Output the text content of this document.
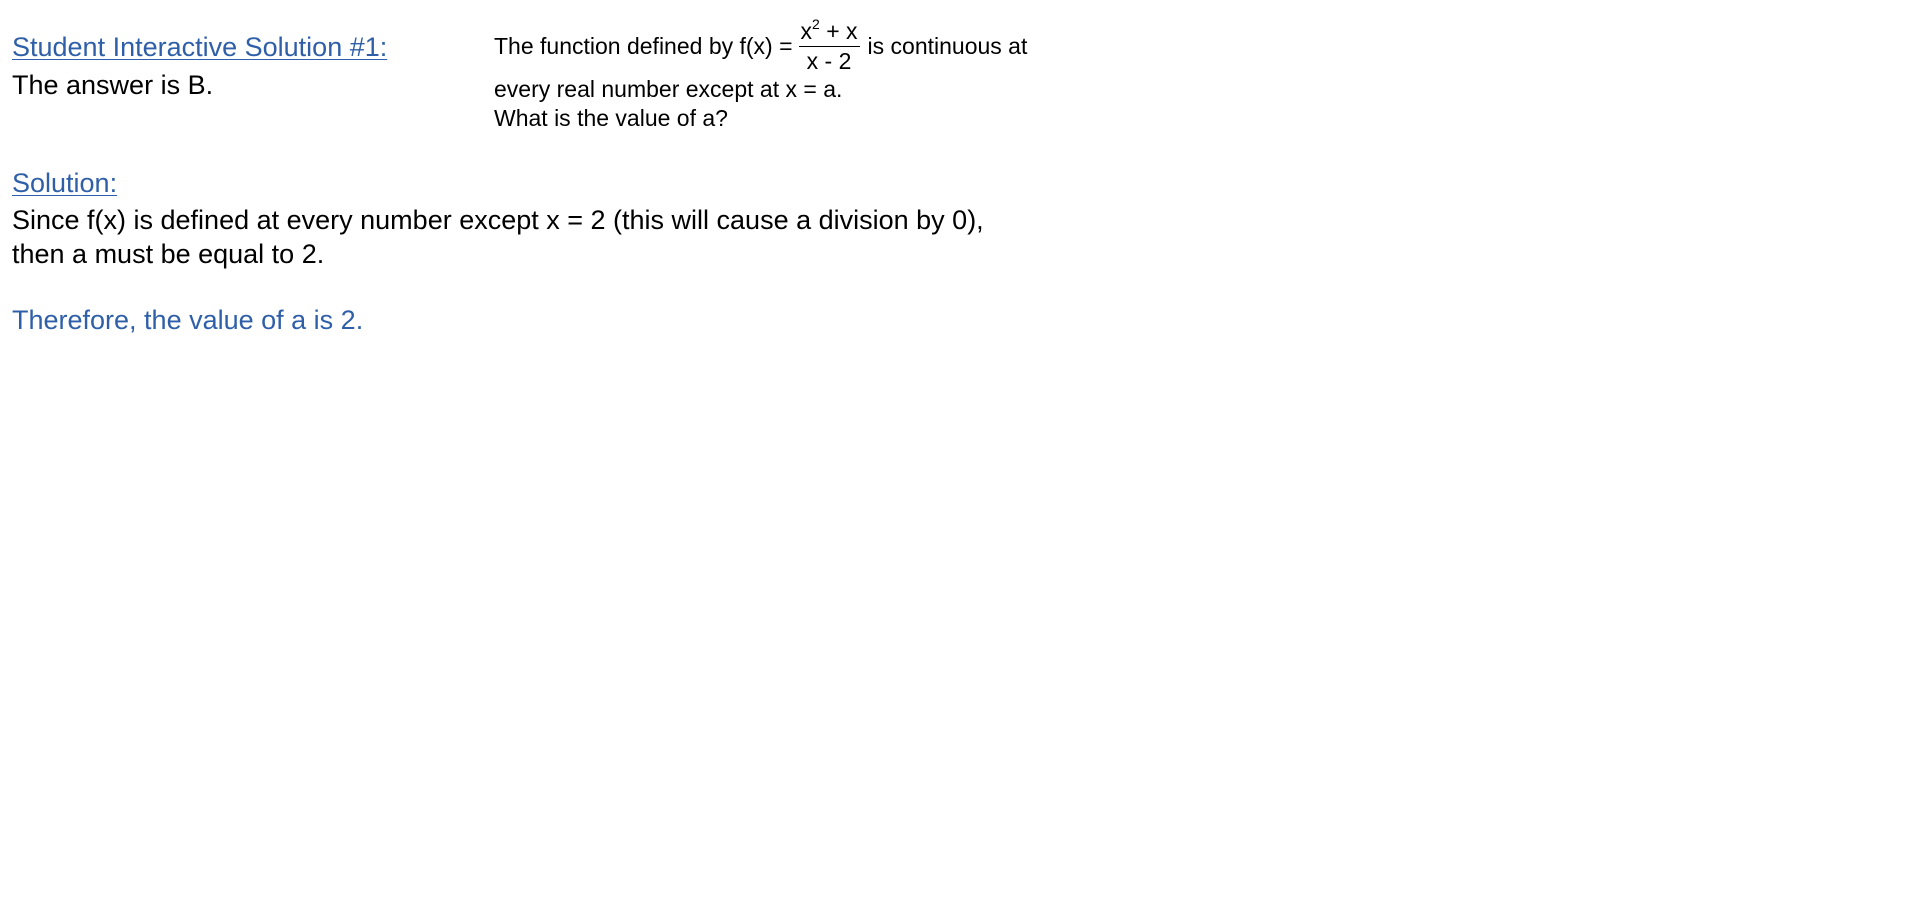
Student Interactive Solution #1:
The answer is B.
The function defined by $f(x) = \frac{x^2 + x}{x - 2}$ is continuous at
every real number except at x = a.
What is the value of a?
Solution:
Since f(x) is defined at every number except x = 2 (this will cause a division by 0),
then a must be equal to 2.
Therefore, the value of a is 2.
